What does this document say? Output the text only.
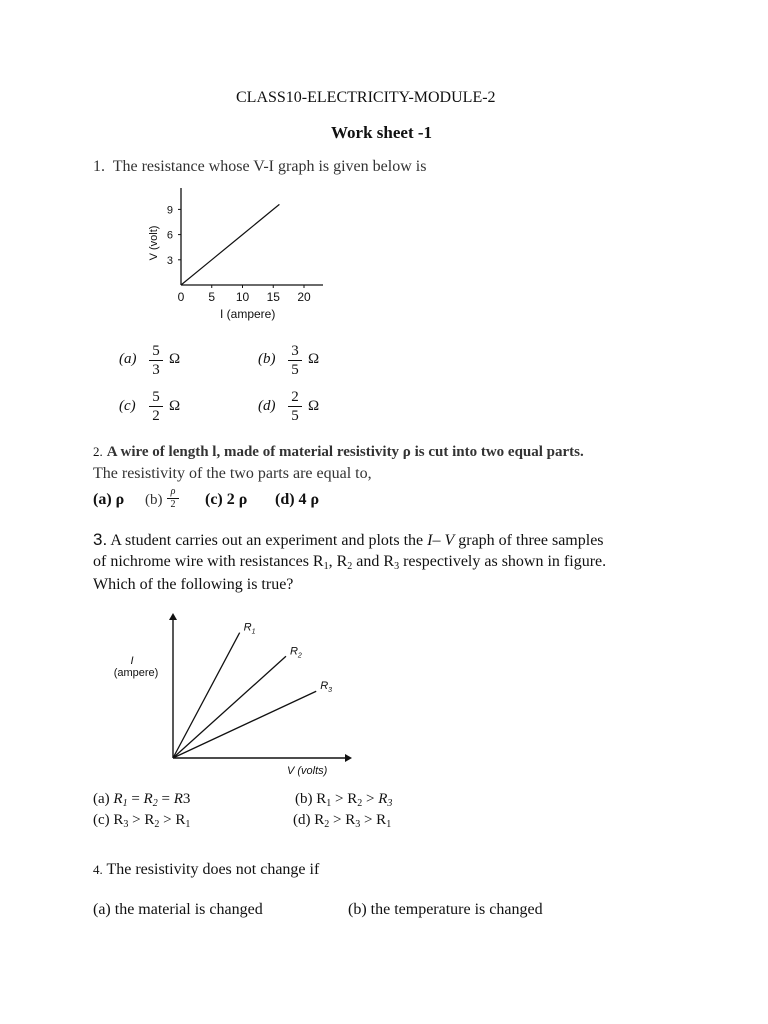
CLASS10-ELECTRICITY-MODULE-2
Work sheet -1
1. The resistance whose V-I graph is given below is
0 5 10 15 20
3
6
9
I (ampere)
V (volt)
(a) 5
3
Ω	(b) 3
5
Ω
(c)
5
2
Ω	(d)
2
5
Ω
2. A wire of length l, made of material resistivity ρ is cut into two equal parts.
The resistivity of the two parts are equal to,
(a) ρ (b)
ρ
2 (c) 2 ρ (d) 4 ρ
3. A student carries out an experiment and plots the I– V graph of three samples
of nichrome wire with resistances $R_1$, $R_2$ and $R_3$ respectively as shown in figure.
Which of the following is true?
$R_1$
$R_2$
$R_3$
V (volts)
I
(ampere)
(a) $R_1 = R_2 = R3$	(b) $R_1 > R_2 > R_3$
(c) $R_3 > R_2 > R_1$	(d) $R_2 > R_3 > R_1$
4. The resistivity does not change if
(a) the material is changed	(b) the temperature is changed
